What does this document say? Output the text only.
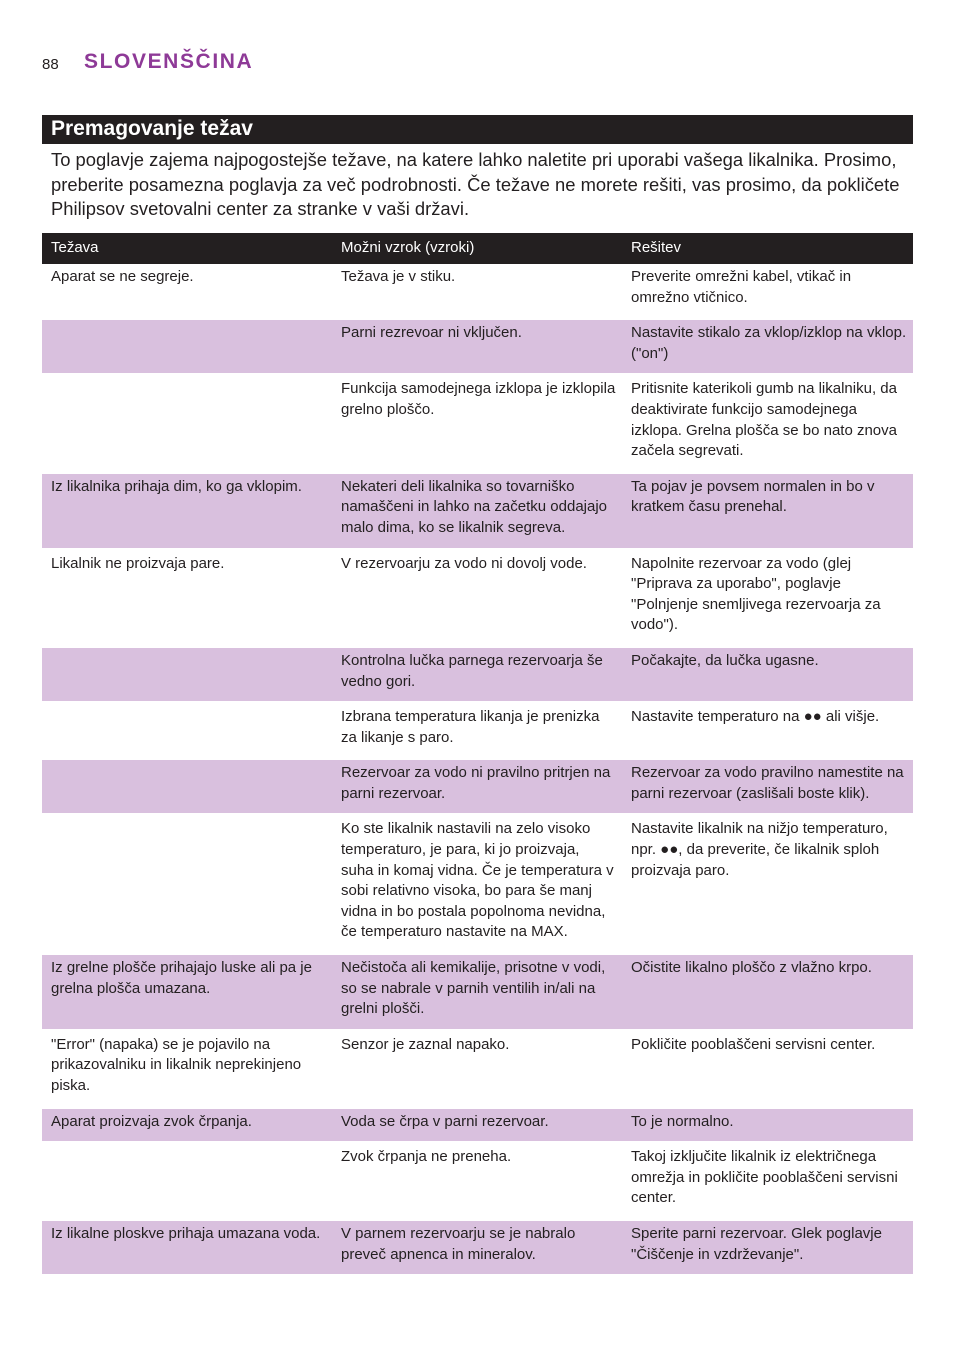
88 SLOVENŠČINA
Premagovanje težav
To poglavje zajema najpogostejše težave, na katere lahko naletite pri uporabi vašega likalnika. Prosimo, preberite posamezna poglavja za več podrobnosti. Če težave ne morete rešiti, vas prosimo, da pokličete Philipsov svetovalni center za stranke v vaši državi.
Težava	Možni vzrok (vzroki)	Rešitev
Aparat se ne segreje.	Težava je v stiku.	Preverite omrežni kabel, vtikač in omrežno vtičnico.
	Parni rezrevoar ni vključen.	Nastavite stikalo za vklop/izklop na vklop. ("on")
	Funkcija samodejnega izklopa je izklopila grelno ploščo.	Pritisnite katerikoli gumb na likalniku, da deaktivirate funkcijo samodejnega izklopa. Grelna plošča se bo nato znova začela segrevati.
Iz likalnika prihaja dim, ko ga vklopim.	Nekateri deli likalnika so tovarniško namaščeni in lahko na začetku oddajajo malo dima, ko se likalnik segreva.	Ta pojav je povsem normalen in bo v kratkem času prenehal.
Likalnik ne proizvaja pare.	V rezervoarju za vodo ni dovolj vode.	Napolnite rezervoar za vodo (glej "Priprava za uporabo", poglavje "Polnjenje snemljivega rezervoarja za vodo").
	Kontrolna lučka parnega rezervoarja še vedno gori.	Počakajte, da lučka ugasne.
	Izbrana temperatura likanja je prenizka za likanje s paro.	Nastavite temperaturo na ●● ali višje.
	Rezervoar za vodo ni pravilno pritrjen na parni rezervoar.	Rezervoar za vodo pravilno namestite na parni rezervoar (zaslišali boste klik).
	Ko ste likalnik nastavili na zelo visoko temperaturo, je para, ki jo proizvaja, suha in komaj vidna. Če je temperatura v sobi relativno visoka, bo para še manj vidna in bo postala popolnoma nevidna, če temperaturo nastavite na MAX.	Nastavite likalnik na nižjo temperaturo, npr. ●●, da preverite, če likalnik sploh proizvaja paro.
Iz grelne plošče prihajajo luske ali pa je grelna plošča umazana.	Nečistoča ali kemikalije, prisotne v vodi, so se nabrale v parnih ventilih in/ali na grelni plošči.	Očistite likalno ploščo z vlažno krpo.
"Error" (napaka) se je pojavilo na prikazovalniku in likalnik neprekinjeno piska.	Senzor je zaznal napako.	Pokličite pooblaščeni servisni center.
Aparat proizvaja zvok črpanja.	Voda se črpa v parni rezervoar.	To je normalno.
	Zvok črpanja ne preneha.	Takoj izključite likalnik iz električnega omrežja in pokličite pooblaščeni servisni center.
Iz likalne ploskve prihaja umazana voda.	V parnem rezervoarju se je nabralo preveč apnenca in mineralov.	Sperite parni rezervoar. Glek poglavje "Čiščenje in vzdrževanje".
